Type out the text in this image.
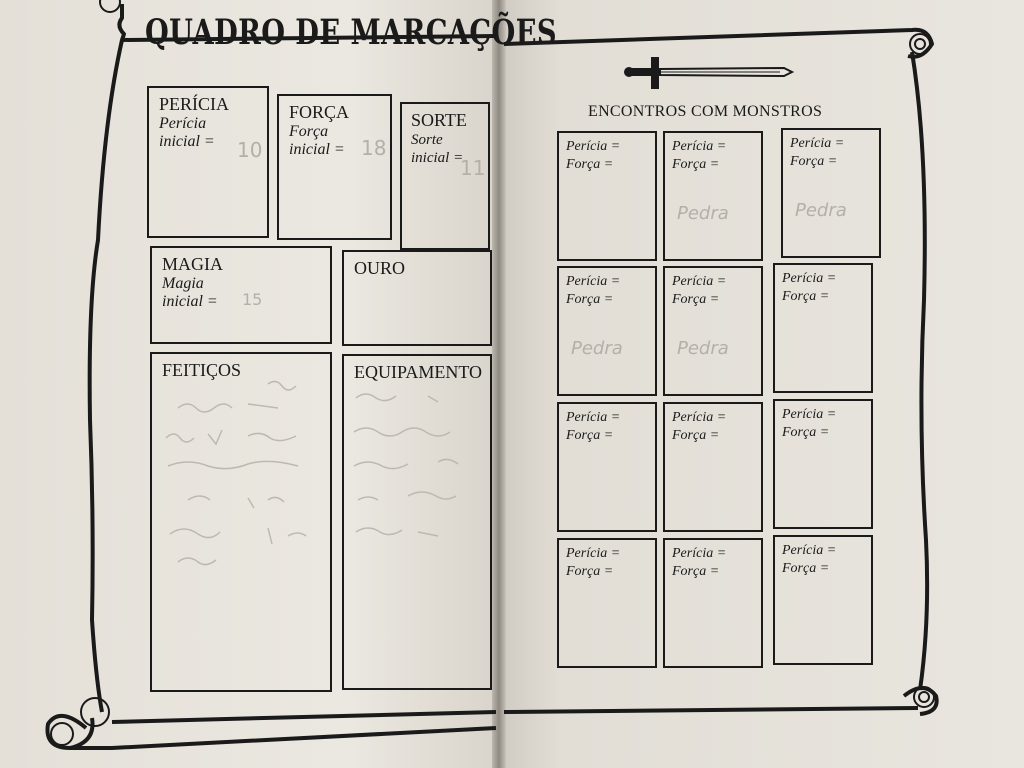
QUADRO DE MARCAÇÕES
PERÍCIA
Perícia
inicial = 10
FORÇA
Força
inicial = 18
SORTE
Sorte
inicial =
11
MAGIA
Magia
inicial = 15
OURO
FEITIÇOS	EQUIPAMENTO
ENCONTROS COM MONSTROS
Perícia =
Força =
Perícia =
Força =
Pedra
Perícia =
Força =
Pedra
Perícia =
Força =
Pedra
Perícia =
Força =
Pedra
Perícia =
Força =
Perícia =
Força =
Perícia =
Força =
Perícia =
Força =
Perícia =
Força =
Perícia =
Força =
Perícia =
Força =
